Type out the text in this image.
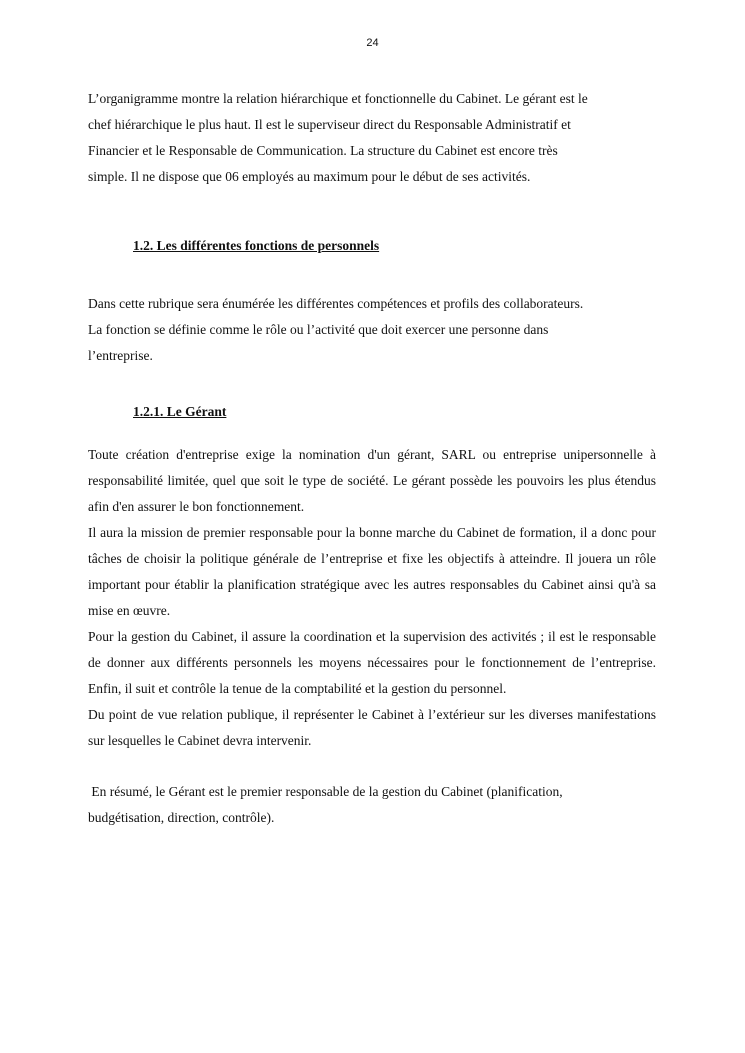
24

L’organigramme montre la relation hiérarchique et fonctionnelle du Cabinet. Le gérant est le
chef hiérarchique le plus haut. Il est le superviseur direct du Responsable Administratif et
Financier et le Responsable de Communication. La structure du Cabinet est encore très
simple. Il ne dispose que 06 employés au maximum pour le début de ses activités.

1.2. Les différentes fonctions de personnels

Dans cette rubrique sera énumérée les différentes compétences et profils des collaborateurs.
La fonction se définie comme le rôle ou l’activité que doit exercer une personne dans
l’entreprise.

1.2.1. Le Gérant
Toute création d'entreprise exige la nomination d'un gérant, SARL ou entreprise unipersonnelle à responsabilité limitée, quel que soit le type de société. Le gérant possède les pouvoirs les plus étendus afin d'en assurer le bon fonctionnement.
Il aura la mission de premier responsable pour la bonne marche du Cabinet de formation, il a donc pour tâches de choisir la politique générale de l’entreprise et fixe les objectifs à atteindre. Il jouera un rôle important pour établir la planification stratégique avec les autres responsables du Cabinet ainsi qu'à sa mise en œuvre.
Pour la gestion du Cabinet, il assure la coordination et la supervision des activités ; il est le responsable de donner aux différents personnels les moyens nécessaires pour le fonctionnement de l’entreprise. Enfin, il suit et contrôle la tenue de la comptabilité et la gestion du personnel.
Du point de vue relation publique, il représenter le Cabinet à l’extérieur sur les diverses manifestations sur lesquelles le Cabinet devra intervenir.

En résumé, le Gérant est le premier responsable de la gestion du Cabinet (planification,
budgétisation, direction, contrôle).
